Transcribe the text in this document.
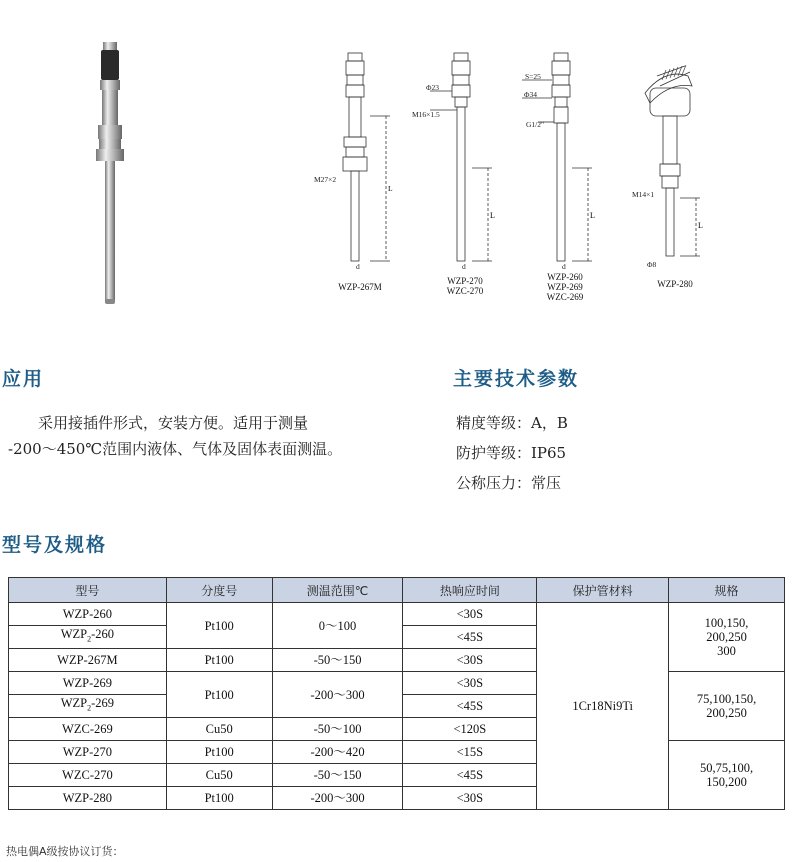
L
M27×2
d
WZP-267M
L
Φ23
M16×1.5
d
WZP-270
WZC-270
L
S=25
Φ34
G1/2"
d
WZP-260
WZP-269
WZC-269
L
M14×1
Φ8
WZP-280
应用
采用接插件形式，安装方便。适用于测量
-200～450℃范围内液体、气体及固体表面测温。
主要技术参数
精度等级：A，B
防护等级：IP65
公称压力：常压
型号及规格
型号	分度号	测温范围℃	热响应时间	保护管材料	规格
WZP-260	Pt100	0～100	<30S	1Cr18Ni9Ti	100,150,
200,250
300

$WZP_2-260$			<45S		
WZP-267M	Pt100	-50～150	<30S		
WZP-269	Pt100	-200～300	<30S		75,100,150,
200,250

$WZP_2-269$			<45S		
WZC-269	Cu50	-50～100	<120S		
WZP-270	Pt100	-200～420	<15S		50,75,100,
150,200

WZC-270	Cu50	-50～150	<45S		
WZP-280	Pt100	-200～300	<30S		
热电偶A级按协议订货：
